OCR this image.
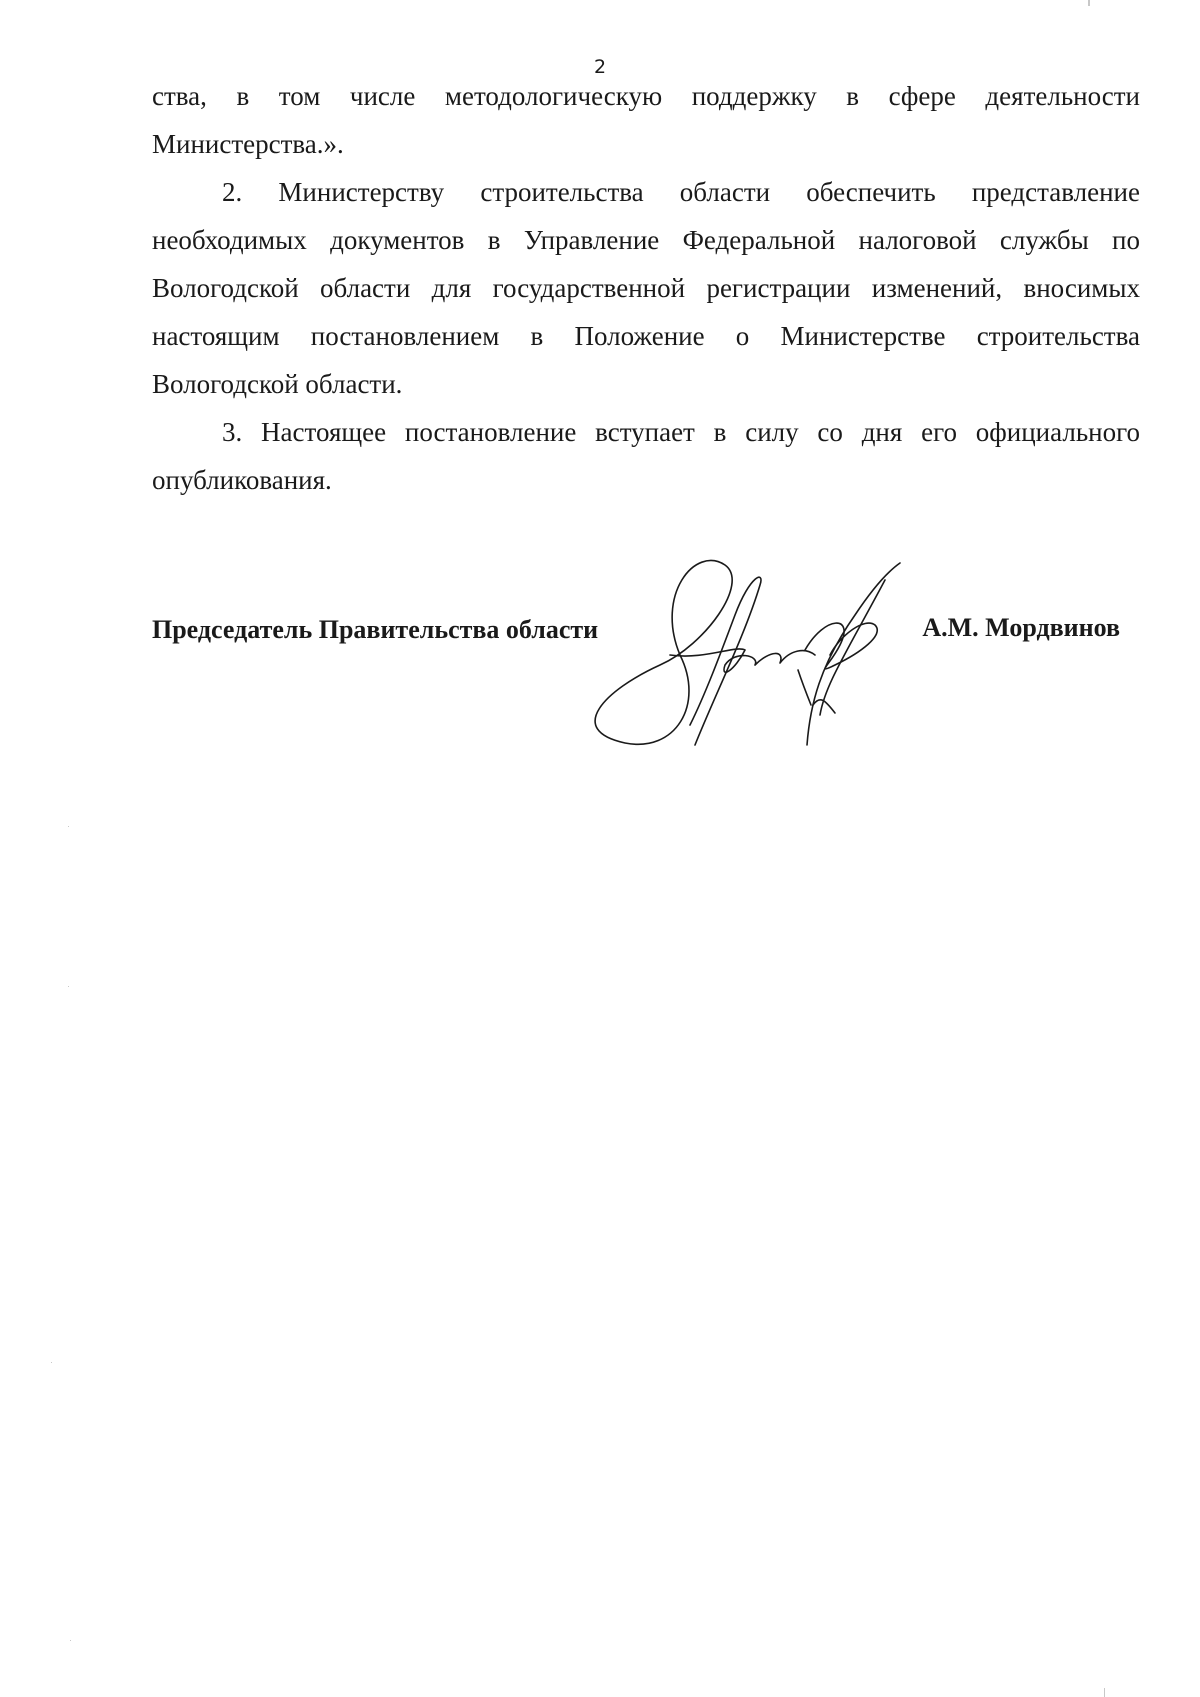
2

ства, в том числе методологическую поддержку в сфере деятельности Министерства.».

2. Министерству строительства области обеспечить представление необходимых документов в Управление Федеральной налоговой службы по Вологодской области для государственной регистрации изменений, вносимых настоящим постановлением в Положение о Министерстве строительства Вологодской области.

3. Настоящее постановление вступает в силу со дня его официального опубликования.

Председатель Правительства области	А.М. Мордвинов
